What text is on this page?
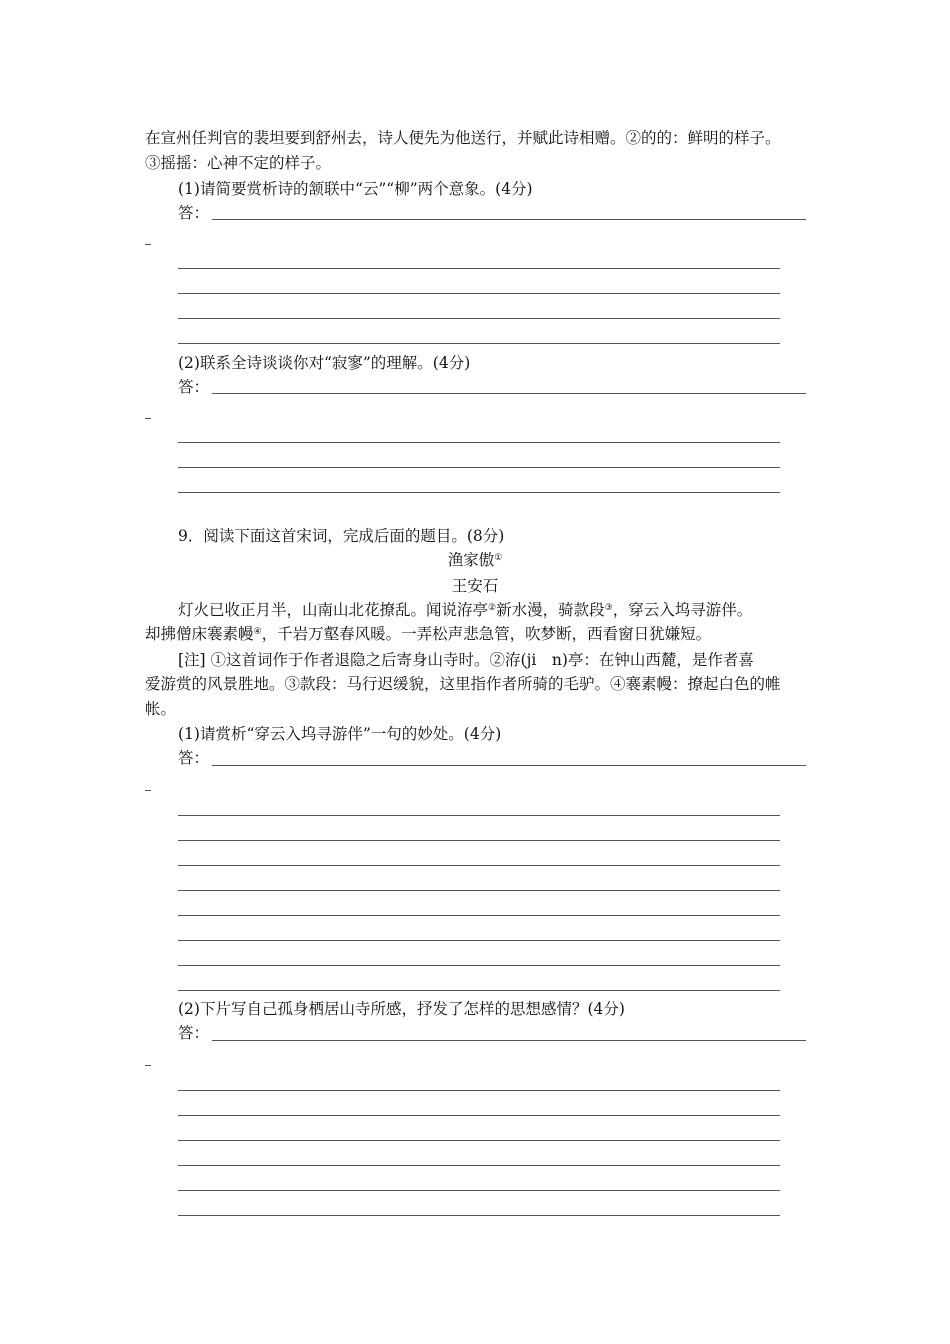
在宣州任判官的裴坦要到舒州去，诗人便先为他送行，并赋此诗相赠。②的的：鲜明的样子。
③摇摇：心神不定的样子。
(1)请简要赏析诗的颔联中“云”“柳”两个意象。(4分)
答：
(2)联系全诗谈谈你对“寂寥”的理解。(4分)
答：
9．阅读下面这首宋词，完成后面的题目。(8分)
渔家傲①
王安石
灯火已收正月半，山南山北花撩乱。闻说洊亭②新水漫，骑款段③，穿云入坞寻游伴。
却拂僧床褰素幔④，千岩万壑春风暖。一弄松声悲急管，吹梦断，西看窗日犹嫌短。
[注] ①这首词作于作者退隐之后寄身山寺时。②洊(ji　n)亭：在钟山西麓，是作者喜
爱游赏的风景胜地。③款段：马行迟缓貌，这里指作者所骑的毛驴。④褰素幔：撩起白色的帷
帐。
(1)请赏析“穿云入坞寻游伴”一句的妙处。(4分)
答：
(2)下片写自己孤身栖居山寺所感，抒发了怎样的思想感情？(4分)
答：
